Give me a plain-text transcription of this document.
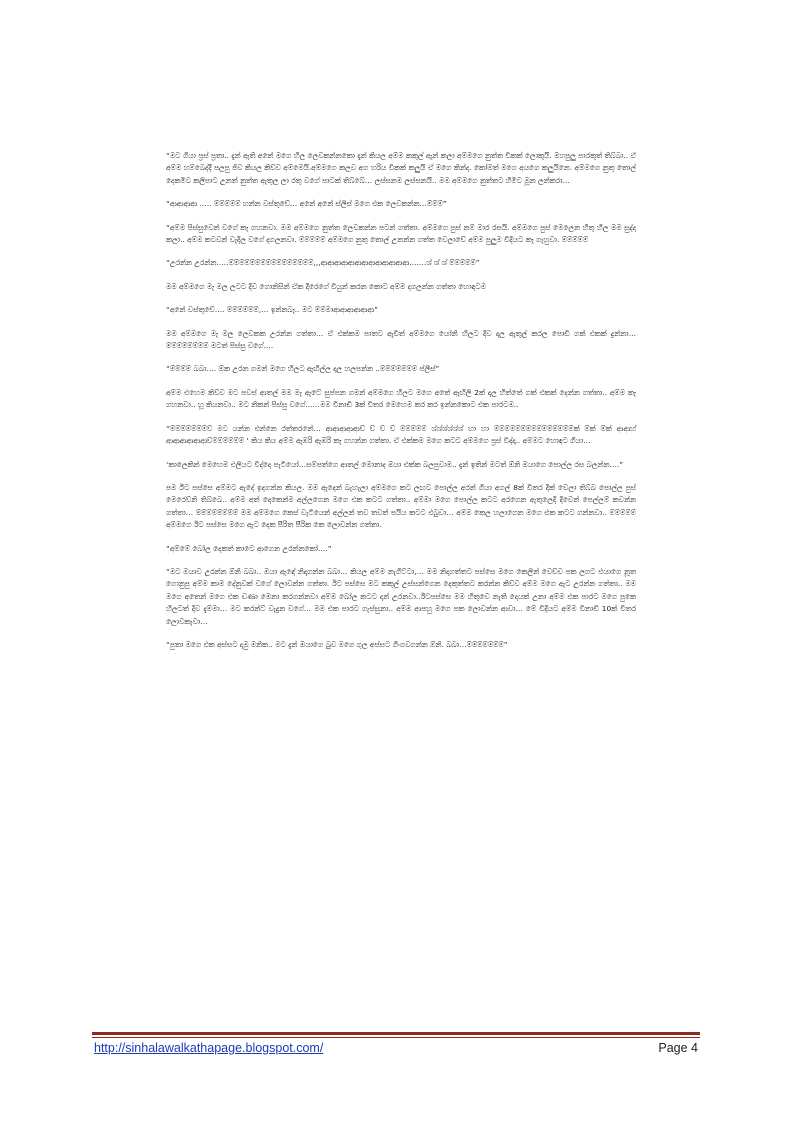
“මට ගියා ප්‍රස් ප්‍රතා.. දැන් ඇති අනේ මගෙ හිල ලෙවකන්නකො දැන් කියල අම්ම කකුල් ඇන් කලා අම්මගෙ නුත්ත විකක් ලොකුයි. මහපුලු පාරකුත් තිබ්බා.. ඒ අම්ම හම්බෙද්දී පලපු ජිව කියල කිව්ව අම්මෙයි.අම්මගෙ කලව අග හරිය විකක් කලුයි ඒ මගෙ කින්ද. කෝමත් මගෙ අයගෙ කලුයිනෙ. අම්මගෙ නුතු තොල් දෙකමිට කලිපාට උනත් නුත්ත ඇතුල ලා රතු වගේ පාටක් තිබ්බේ… ලස්සනම ලස්සනයි.. මම අම්මගෙ නුත්තට හිමිට මූන ලන්කරා…

“ආආආආ ….. ම්ම්ම්ම්ම් හන්න වස්තුවේ… අනේ අනේ ස්ලිස් මගෙ එක ලෙවකන්න…ම්ම්ම්”

“අම්ම පිස්සුවෙන් වගේ කෑ ගහනවා. මම අම්මගෙ නුත්ත ලෙවකන්න පටන් ගත්තා. අම්මගෙ පුස් නම් මාර රසයි. අම්මගෙ පුස් මෙලෙන හිතු හිල මම සුද්ද කලා.. අම්ම කටවන් වැදිල වගේ දගලනවා. ම්ම්ම්ම්ම් අම්මගෙ නුතු තොල් උනන්න ගත්ත වෙලාවේ අම්ම පුලුම විදියට කෑ ගැහුවා. ම්ම්ම්ම්ම්

“උරන්න උරන්න…..ම්ම්ම්ම්ම්ම්ම්ම්ම්ම්ම්ම්ම්ම්ම්ම්,,,ආආආආආආආආආආආආආ…….ශ් ශ් ශ් ම්ම්ම්ම්ම්”

මම අම්මගෙ මෑ මල ලටට දිව ගොනිසින් ඒක දීරෙගේ වියුන් කරන කොට අම්ම දගලන්න ගත්තා හොඳටම

“අනේ වස්තුවේ…. ම්ම්ම්ම්ම්ම්,… ඉන්නබෑ.. මට ම්ම්මාආආආආආආ”

මම අම්මගෙ මෑ මල ලෙවකක උරන්න ගත්තා… ඒ එක්කම පාතට ඇවිත් අම්මගෙ යෝනි හිලට දිව දාල ඇතුල් කරල පොඩි ගක් එකක් දුන්නා… ම්ම්ම්ම්ම්ම්ම්ම් මටත් පිස්සු වගේ….

“ම්ම්ම්ම් බබා…. ඕක උරන ගමන් මගෙ හිලට ඇඟිල්ල දාල හලපන්න ..ම්ම්ම්ම්ම්ම්ම් ප්ලීස්”

අම්ම එහෙම කිව්ව මට පවස් ආතල් මම මෑ ඇටේ සුප්පන ගමන් අම්මගෙ හිලට මගෙ අතේ ඇඟිලි 2ක් දාල හිත්තේ ගක් එකක් දෙන්න ගත්තා.. අම්ම කෑ ගහනවා.. හූ කියනවා.. මට නිකන් පිස්සු වගේ……මම විනාඩි 3ක් විතර මෙහෙම කර කර ඉන්නකොට එක පාරටම..

“ම්ම්ම්ම්ම්ම්ම්ව් මට යන්න එන්නෙ රත්තරනේ… ආආආආආව් ව් ව් ව් ම්ම්ම්ම්ම් ශ්ශ්ශ්ශ්ශ්ශ් හා හා ම්ම්ම්ම්ම්ම්ම්ම්ම්ම්ම්ම්ම්ම්ම්ක් ම්ක් ම්ක් ආආහ් ආආආආආආව්ම්ම්ම්ම්ම්ම් ‘ කිය කිය අම්ම ඇඹරි ඇඹරි කෑ ගහන්න ගත්තා. ඒ එක්කම මගෙ කටට අම්මගෙ ප්‍රස් විද්දා.. අම්මට හොඳට ගියා…

‘කාලෙකින් මෙහෙම එලියට විද්දෙ පැටියෝ…සම්පත්ගෙ ආතල් මොනාද ඔයා එක්ක බලපුවාම.. දැන් ඉතින් මටත් ඕනි ඔයාගෙ පොල්ල රස බලන්න….”

පම ඊට පස්සෙ අම්මට ඇදේ ඉදගන්න කියල. මම ඇදෙන් බැහැලා අම්මගෙ කට ලඟට පොල්ල අරන් ගියා අගල් 8ක් විතර දික් වෙලා තිබ්බ පොල්ල පුස් මෙරෙව්නි තිබ්බෙ.. අම්ම අත් දෙකෙන්ම අල්ලගෙන මගෙ එක කටට ගත්තා.. අම්මා මගෙ පොල්ල කටට අරගෙන ඇතුලෙදි දිවෙන් පෙල්ලම් කවන්න ගත්තා… ම්ම්ම්ම්ම්ම්ම්ම් මම අම්මගෙ කෙස් වැටියෙන් අල්ලන් තව තවත් පයිය කටට එබුවා… අම්ම කෙල හලාගෙන මගෙ එක කටට ගන්නවා.. ම්ම්ම්ම්ම් අම්මගෙ ඊට පස්සෙ මගෙ ඇට දෙක පීරිත පීරික කෙ ලොවන්න ගත්තා.

“අම්මේ බෝල දෙකත් කාටෙ ආගෙන උරන්නකෝ….”

“මට ඔයාව උරන්න ඕනි බබා.. ඔයා ඇඳේ නිදාගන්න බබා… කියල අම්ම නැගිට්ටා,… මම නිදාගත්තට පස්සෙ මගෙ කෙලින් වෙච්ච පක ලගට එයාගෙ නූත ගොනුපු අම්ම කාම දේනුවක් වගේ ලොවන්න ගත්තා. ඊට පස්සෙ මට කකුල් උස්සන්ගෙන දෙකුත්තට කරන්න කිව්ව අම්ම මගෙ ඇට උරන්න ගත්තා.. මම මගෙ අතෙන් මගෙ එක ඩණා මෙනා කරගන්නවා අම්ම බෝල කටට දාන් උරනවා..ඊටපස්සෙ මම හිතුවෙ නැති දෙයක් උනා අම්ම එක පාරට මගෙ පුකෙ හිලටත් දිව දැම්මා… මට කරන්ට් වැදුන වගේ… මම එක පාරට ගැස්සුනා.. අම්ම ආපහු මගෙ පක ලොවන්න ආවා… මේ විදියට අම්ම විනාඩි 10ක් විතර ලොවකැවා…

“පුතා මගෙ එක අස්සට දාමු මනික.. මට දැන් ඔයාගෙ බුව මගෙ ගුල අස්සට ගිංගවගන්න ඕනි. බබා…ම්ම්ම්ම්ම්ම්ම්”

http://sinhalawalkathapage.blogspot.com/	Page 4
